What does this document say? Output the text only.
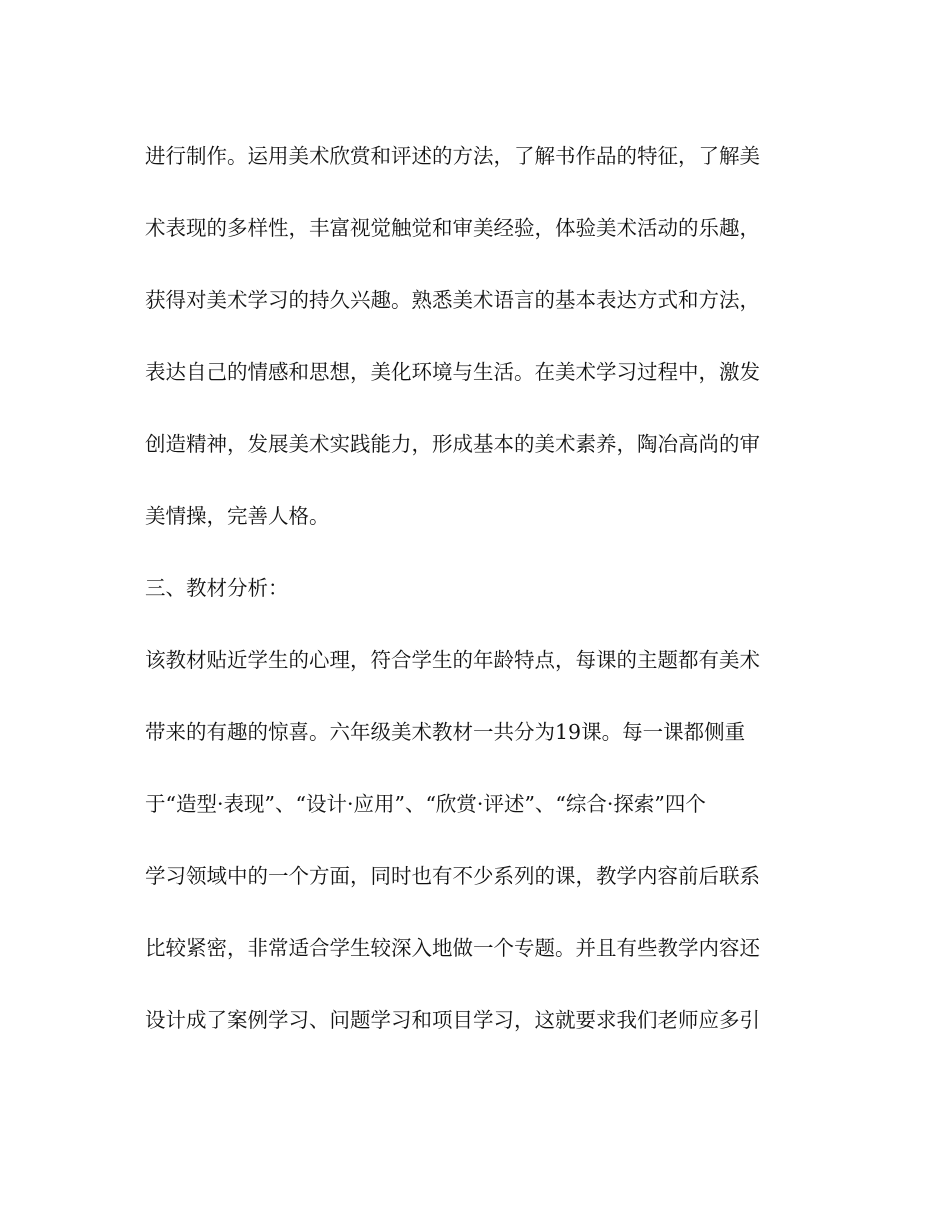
进行制作。运用美术欣赏和评述的方法，了解书作品的特征，了解美
术表现的多样性，丰富视觉触觉和审美经验，体验美术活动的乐趣，
获得对美术学习的持久兴趣。熟悉美术语言的基本表达方式和方法，
表达自己的情感和思想，美化环境与生活。在美术学习过程中，激发
创造精神，发展美术实践能力，形成基本的美术素养，陶冶高尚的审
美情操，完善人格。
三、教材分析：
该教材贴近学生的心理，符合学生的年龄特点，每课的主题都有美术
带来的有趣的惊喜。六年级美术教材一共分为19课。每一课都侧重
于“造型·表现”、“设计·应用”、“欣赏·评述”、“综合·探索”四个
学习领域中的一个方面，同时也有不少系列的课，教学内容前后联系
比较紧密，非常适合学生较深入地做一个专题。并且有些教学内容还
设计成了案例学习、问题学习和项目学习，这就要求我们老师应多引
